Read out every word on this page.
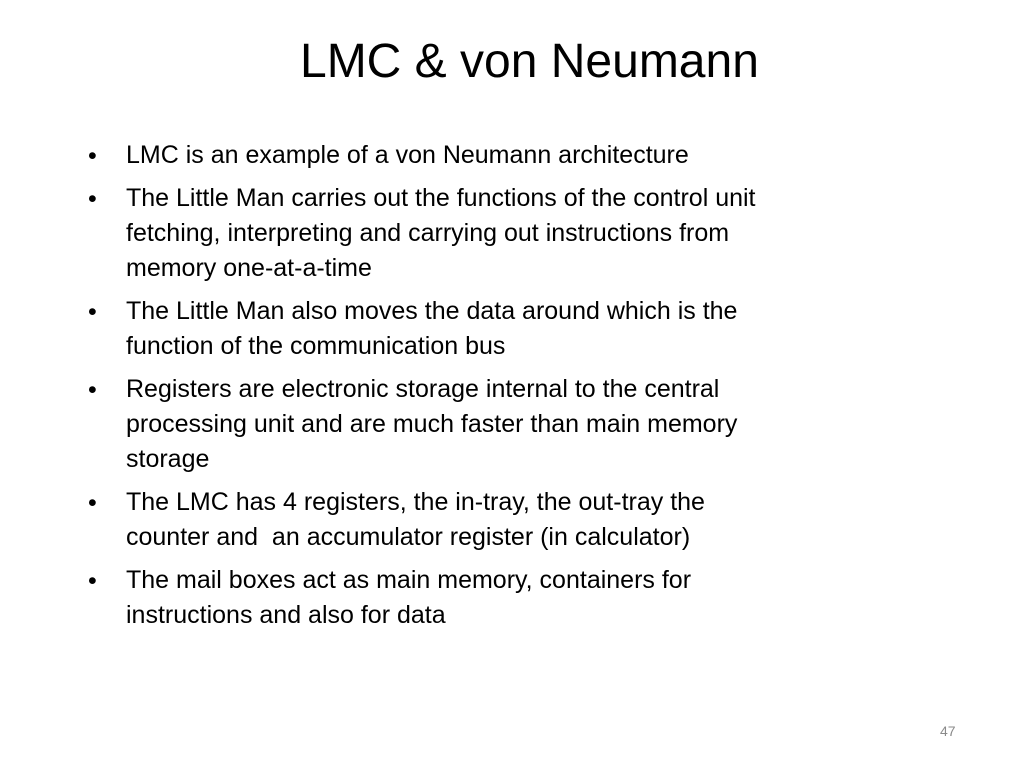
LMC & von Neumann
• LMC is an example of a von Neumann architecture
• The Little Man carries out the functions of the control unit
fetching, interpreting and carrying out instructions from
memory one-at-a-time
• The Little Man also moves the data around which is the
function of the communication bus
• Registers are electronic storage internal to the central
processing unit and are much faster than main memory
storage
• The LMC has 4 registers, the in-tray, the out-tray the
counter and  an accumulator register (in calculator)
• The mail boxes act as main memory, containers for
instructions and also for data
47
